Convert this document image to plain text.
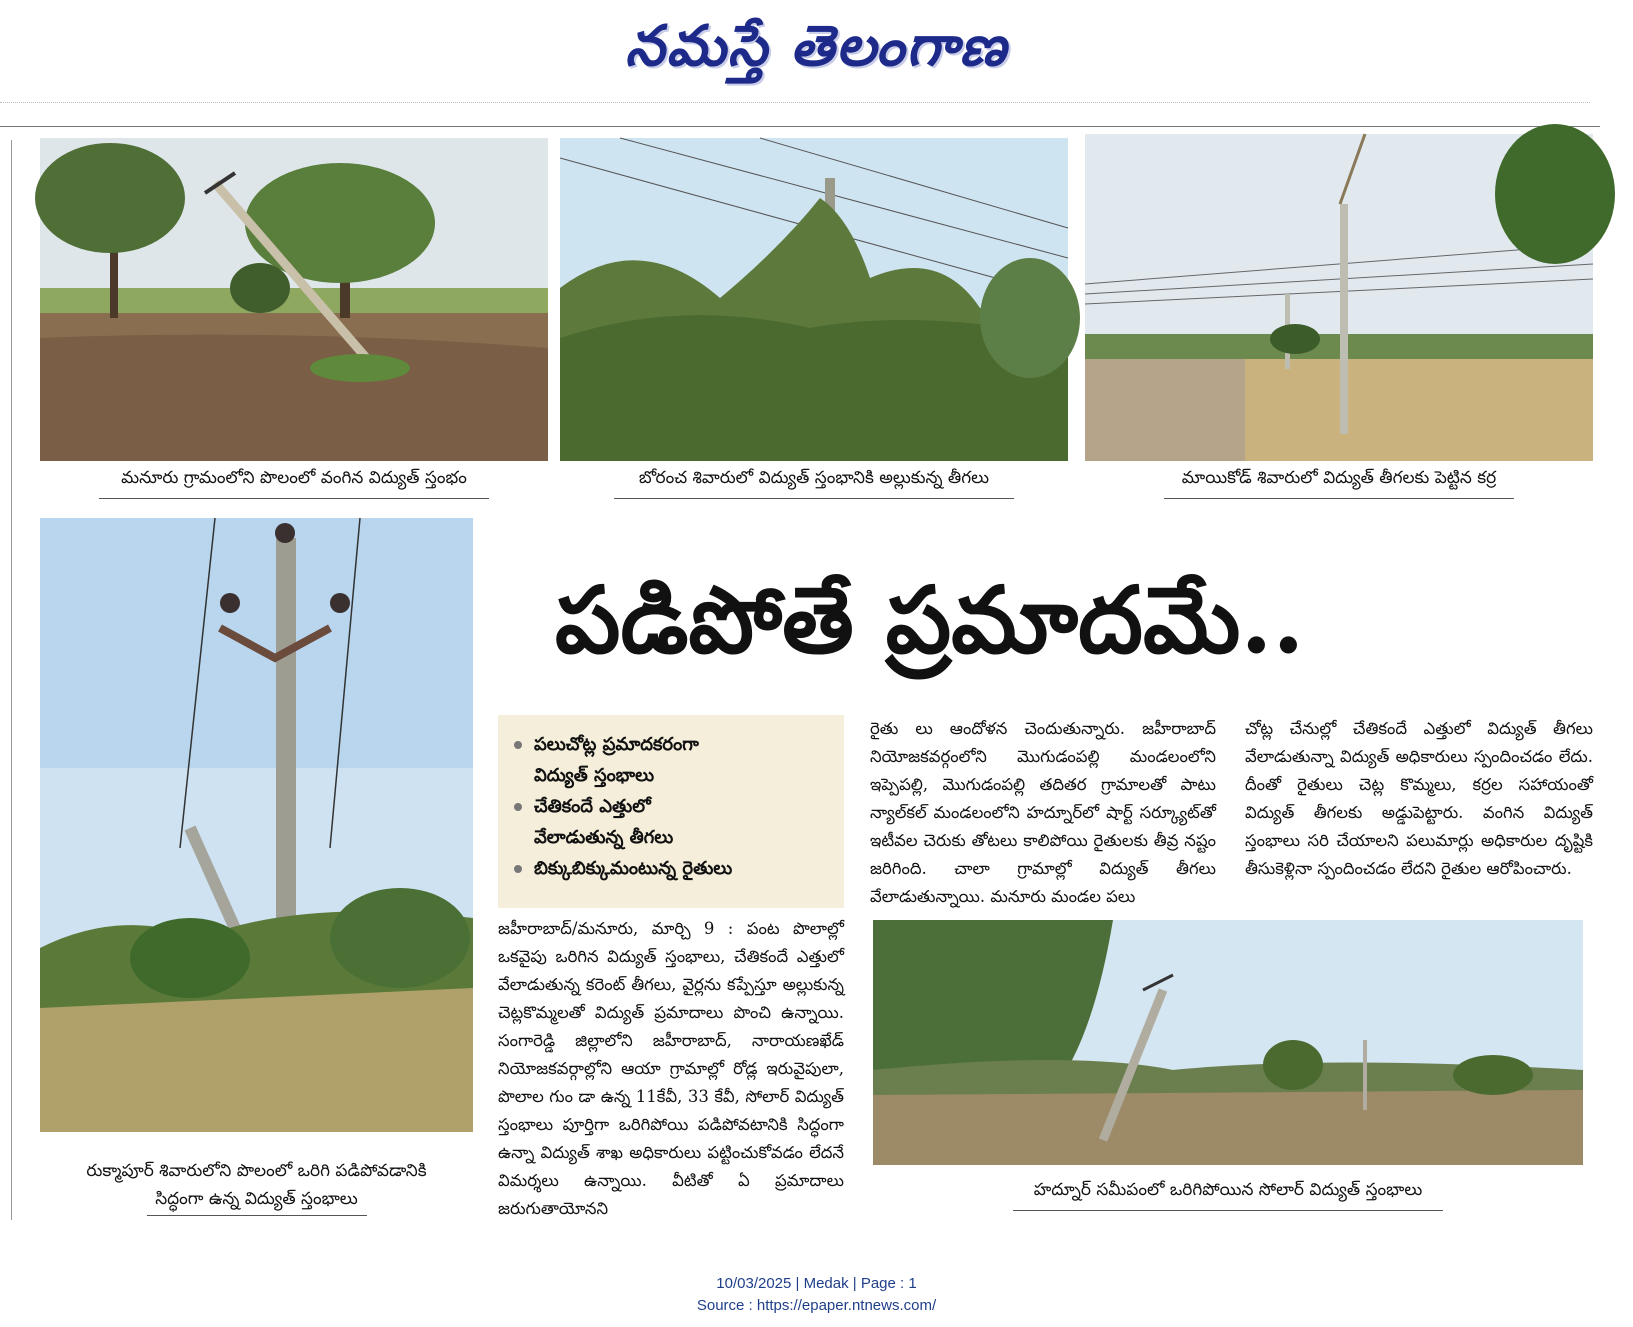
నమస్తే తెలంగాణ
మనూరు గ్రామంలోని పొలంలో వంగిన విద్యుత్ స్తంభం	బోరంచ శివారులో విద్యుత్ స్తంభానికి అల్లుకున్న తీగలు	మాయికోడ్ శివారులో విద్యుత్ తీగలకు పెట్టిన కర్ర
రుక్మాపూర్ శివారులోని పొలంలో ఒరిగి పడిపోవడానికి
సిద్ధంగా ఉన్న విద్యుత్ స్తంభాలు
పడిపోతే ప్రమాదమే..
పలుచోట్ల ప్రమాదకరంగా
విద్యుత్ స్తంభాలు
చేతికందే ఎత్తులో
వేలాడుతున్న తీగలు
బిక్కుబిక్కుమంటున్న రైతులు
జహీరాబాద్/మనూరు, మార్చి 9 : పంట పొలాల్లో ఒకవైపు ఒరిగిన విద్యుత్ స్తంభాలు, చేతికందే ఎత్తులో వేలాడుతున్న కరెంట్ తీగలు, వైర్లను కప్పేస్తూ అల్లుకున్న చెట్లకొమ్మలతో విద్యుత్ ప్రమాదాలు పొంచి ఉన్నాయి. సంగారెడ్డి జిల్లాలోని జహీరాబాద్, నారాయణఖేడ్ నియోజకవర్గాల్లోని ఆయా గ్రామాల్లో రోడ్ల ఇరువైపులా, పొలాల గుం డా ఉన్న 11కేవీ, 33 కేవీ, సోలార్ విద్యుత్ స్తంభాలు పూర్తిగా ఒరిగిపోయి పడిపోవటానికి సిద్ధంగా ఉన్నా విద్యుత్ శాఖ అధికారులు పట్టించుకోవడం లేదనే విమర్శలు ఉన్నాయి. వీటితో ఏ ప్రమాదాలు జరుగుతాయోనని
రైతు లు ఆందోళన చెందుతున్నారు. జహీరాబాద్ నియోజకవర్గంలోని మొగుడంపల్లి మండలంలోని ఇప్పెపల్లి, మొగుడంపల్లి తదితర గ్రామాలతో పాటు న్యాల్‌కల్ మండలంలోని హద్నూర్‌లో షార్ట్ సర్క్యూట్‌తో ఇటీవల చెరుకు తోటలు కాలిపోయి రైతులకు తీవ్ర నష్టం జరిగింది. చాలా గ్రామాల్లో విద్యుత్ తీగలు వేలాడుతున్నాయి. మనూరు మండల పలు
చోట్ల చేనుల్లో చేతికందే ఎత్తులో విద్యుత్ తీగలు వేలాడుతున్నా విద్యుత్ అధికారులు స్పందించడం లేదు. దీంతో రైతులు చెట్ల కొమ్మలు, కర్రల సహాయంతో విద్యుత్ తీగలకు అడ్డుపెట్టారు. వంగిన విద్యుత్ స్తంభాలు సరి చేయాలని పలుమార్లు అధికారుల దృష్టికి తీసుకెళ్లినా స్పందించడం లేదని రైతుల ఆరోపించారు.
హద్నూర్ సమీపంలో ఒరిగిపోయిన సోలార్ విద్యుత్ స్తంభాలు
10/03/2025 | Medak | Page : 1
Source : https://epaper.ntnews.com/
